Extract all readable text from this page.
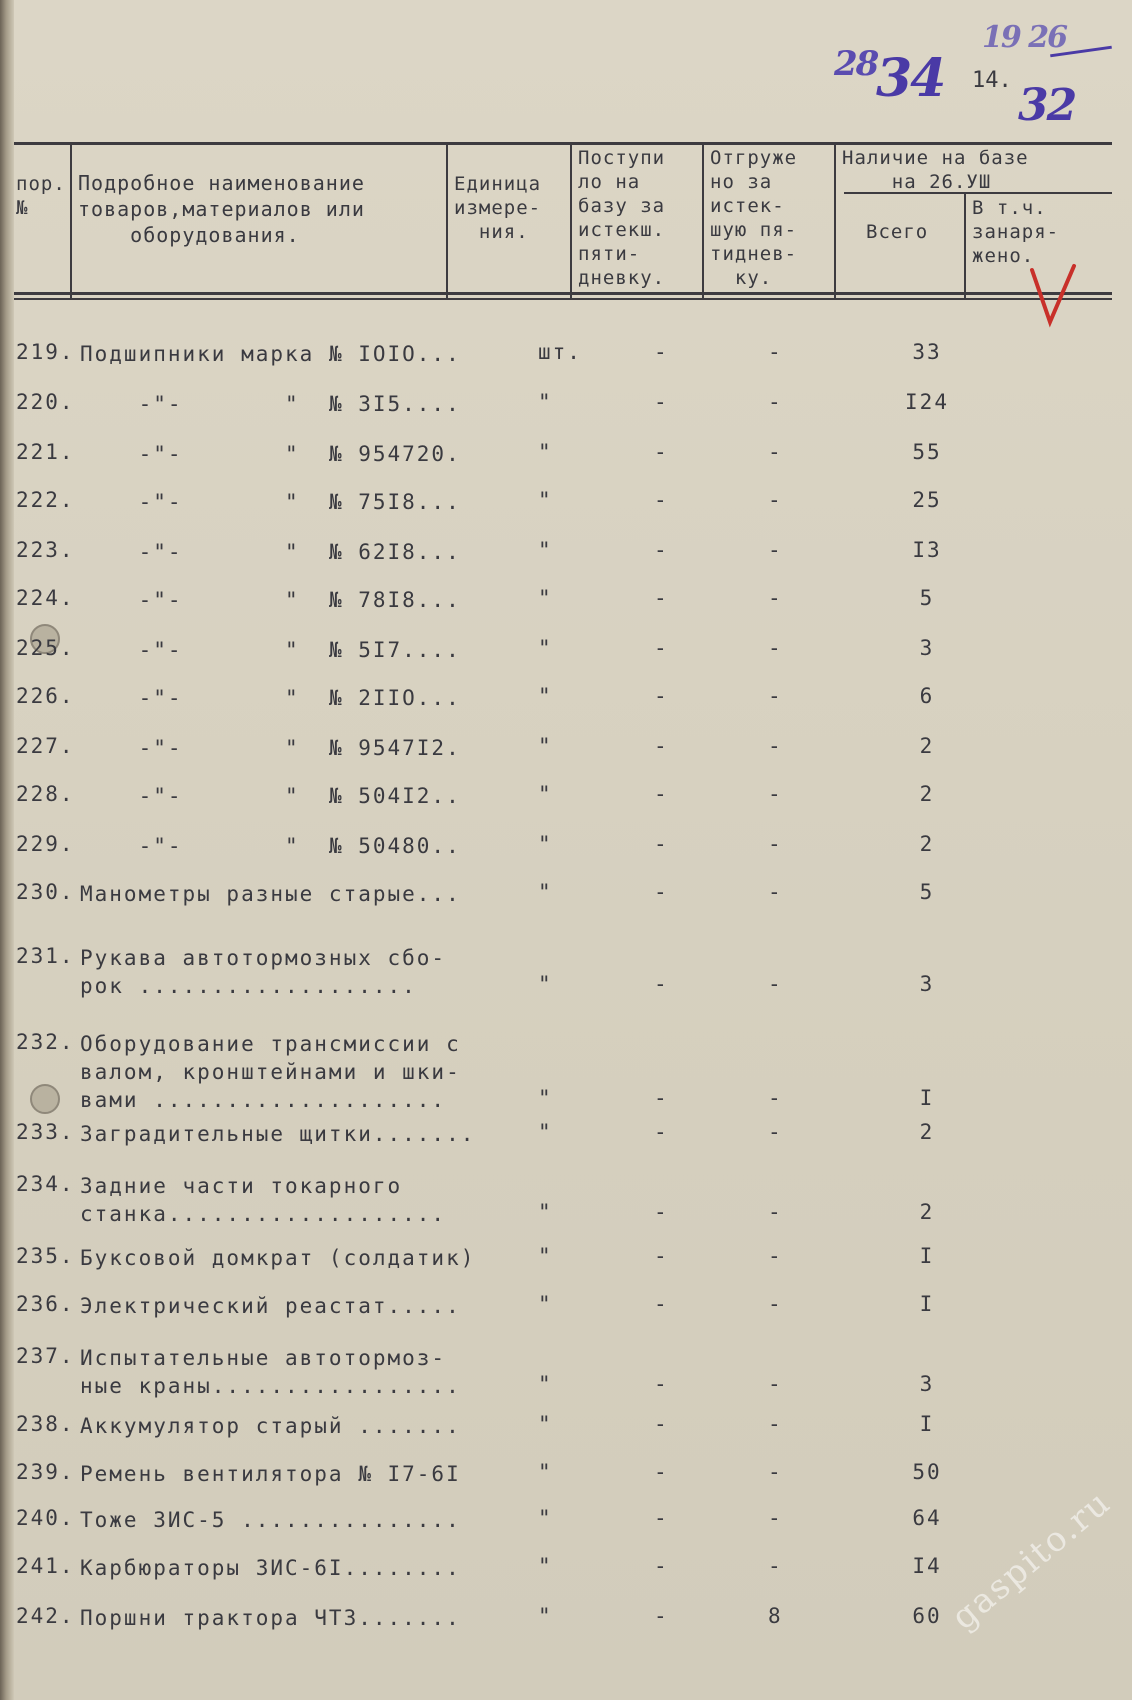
28
34
19 26
32
14.
пор.
№
Подробное наименование
товаров,материалов или
оборудования.
Единица
измере-
ния.
Поступи
ло на
базу за
истекш.
пяти-
дневку.
Отгруже
но за
истек-
шую пя-
тиднев-
ку.
Наличие на базе
на 26.УШ
Всего
В т.ч.
занаря-
жено.
219. Подшипники марка № IOIO...	шт.	-	-	33
220. -"-       "  № 3I5....	"	-	-	I24
221. -"-       "  № 954720.	"	-	-	55
222. -"-       "  № 75I8...	"	-	-	25
223. -"-       "  № 62I8...	"	-	-	I3
224. -"-       "  № 78I8...	"	-	-	5
225. -"-       "  № 5I7....	"	-	-	3
226. -"-       "  № 2IIO...	"	-	-	6
227. -"-       "  № 9547I2.	"	-	-	2
228. -"-       "  № 504I2..	"	-	-	2
229. -"-       "  № 50480..	"	-	-	2
230. Манометры разные старые...	"	-	-	5
231. Рукава автотормозных сбо-
рок ...................	"	-	-	3
232. Оборудование трансмиссии с
валом, кронштейнами и шки-
вами ....................	"	-	-	I
233. Заградительные щитки.......	"	-	-	2
234. Задние части токарного
станка...................	"	-	-	2
235. Буксовой домкрат (солдатик)	"	-	-	I
236. Электрический реастат.....	"	-	-	I
237. Испытательные автотормоз-
ные краны.................	"	-	-	3
238. Аккумулятор старый .......	"	-	-	I
239. Ремень вентилятора № I7-6I	"	-	-	50
240. Тоже ЗИС-5 ...............	"	-	-	64
241. Карбюраторы ЗИС-6I........	"	-	-	I4
242. Поршни трактора ЧТЗ.......	"	-	8	60 gaspito.ru
